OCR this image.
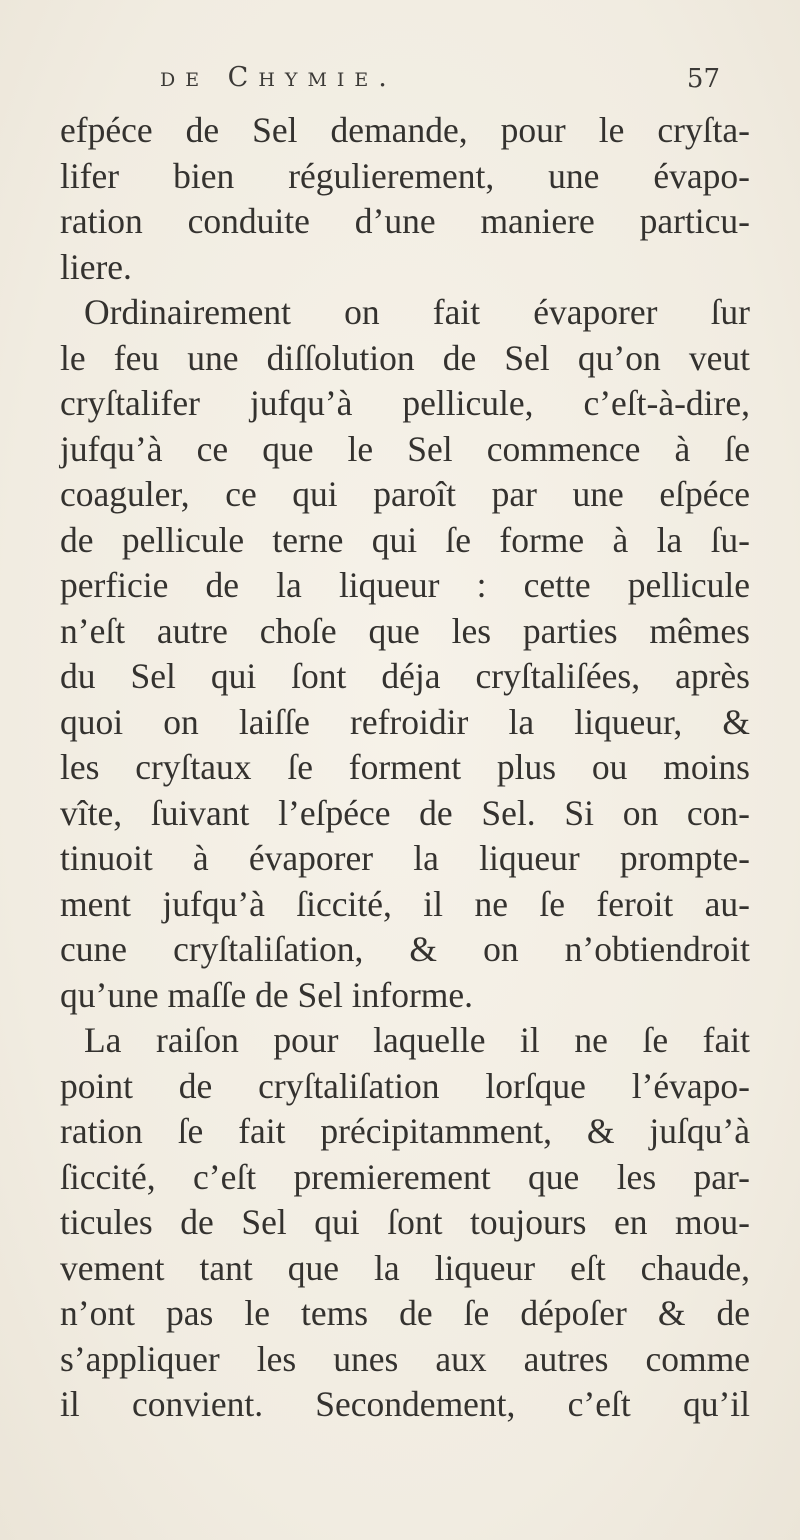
de Chymie.	57
efpéce de Sel demande, pour le cryſta-
lifer bien régulierement, une évapo-
ration conduite d’une maniere particu-
liere.
Ordinairement on fait évaporer ſur
le feu une diſſolution de Sel qu’on veut
cryſtalifer jufqu’à pellicule, c’eſt-à-dire,
jufqu’à ce que le Sel commence à ſe
coaguler, ce qui paroît par une eſpéce
de pellicule terne qui ſe forme à la ſu-
perficie de la liqueur : cette pellicule
n’eſt autre choſe que les parties mêmes
du Sel qui ſont déja cryſtaliſées, après
quoi on laiſſe refroidir la liqueur, &
les cryſtaux ſe forment plus ou moins
vîte, ſuivant l’eſpéce de Sel. Si on con-
tinuoit à évaporer la liqueur prompte-
ment jufqu’à ſiccité, il ne ſe feroit au-
cune cryſtaliſation, & on n’obtiendroit
qu’une maſſe de Sel informe.
La raiſon pour laquelle il ne ſe fait
point de cryſtaliſation lorſque l’évapo-
ration ſe fait précipitamment, & juſqu’à
ſiccité, c’eſt premierement que les par-
ticules de Sel qui ſont toujours en mou-
vement tant que la liqueur eſt chaude,
n’ont pas le tems de ſe dépoſer & de
s’appliquer les unes aux autres comme
il convient. Secondement, c’eſt qu’il
